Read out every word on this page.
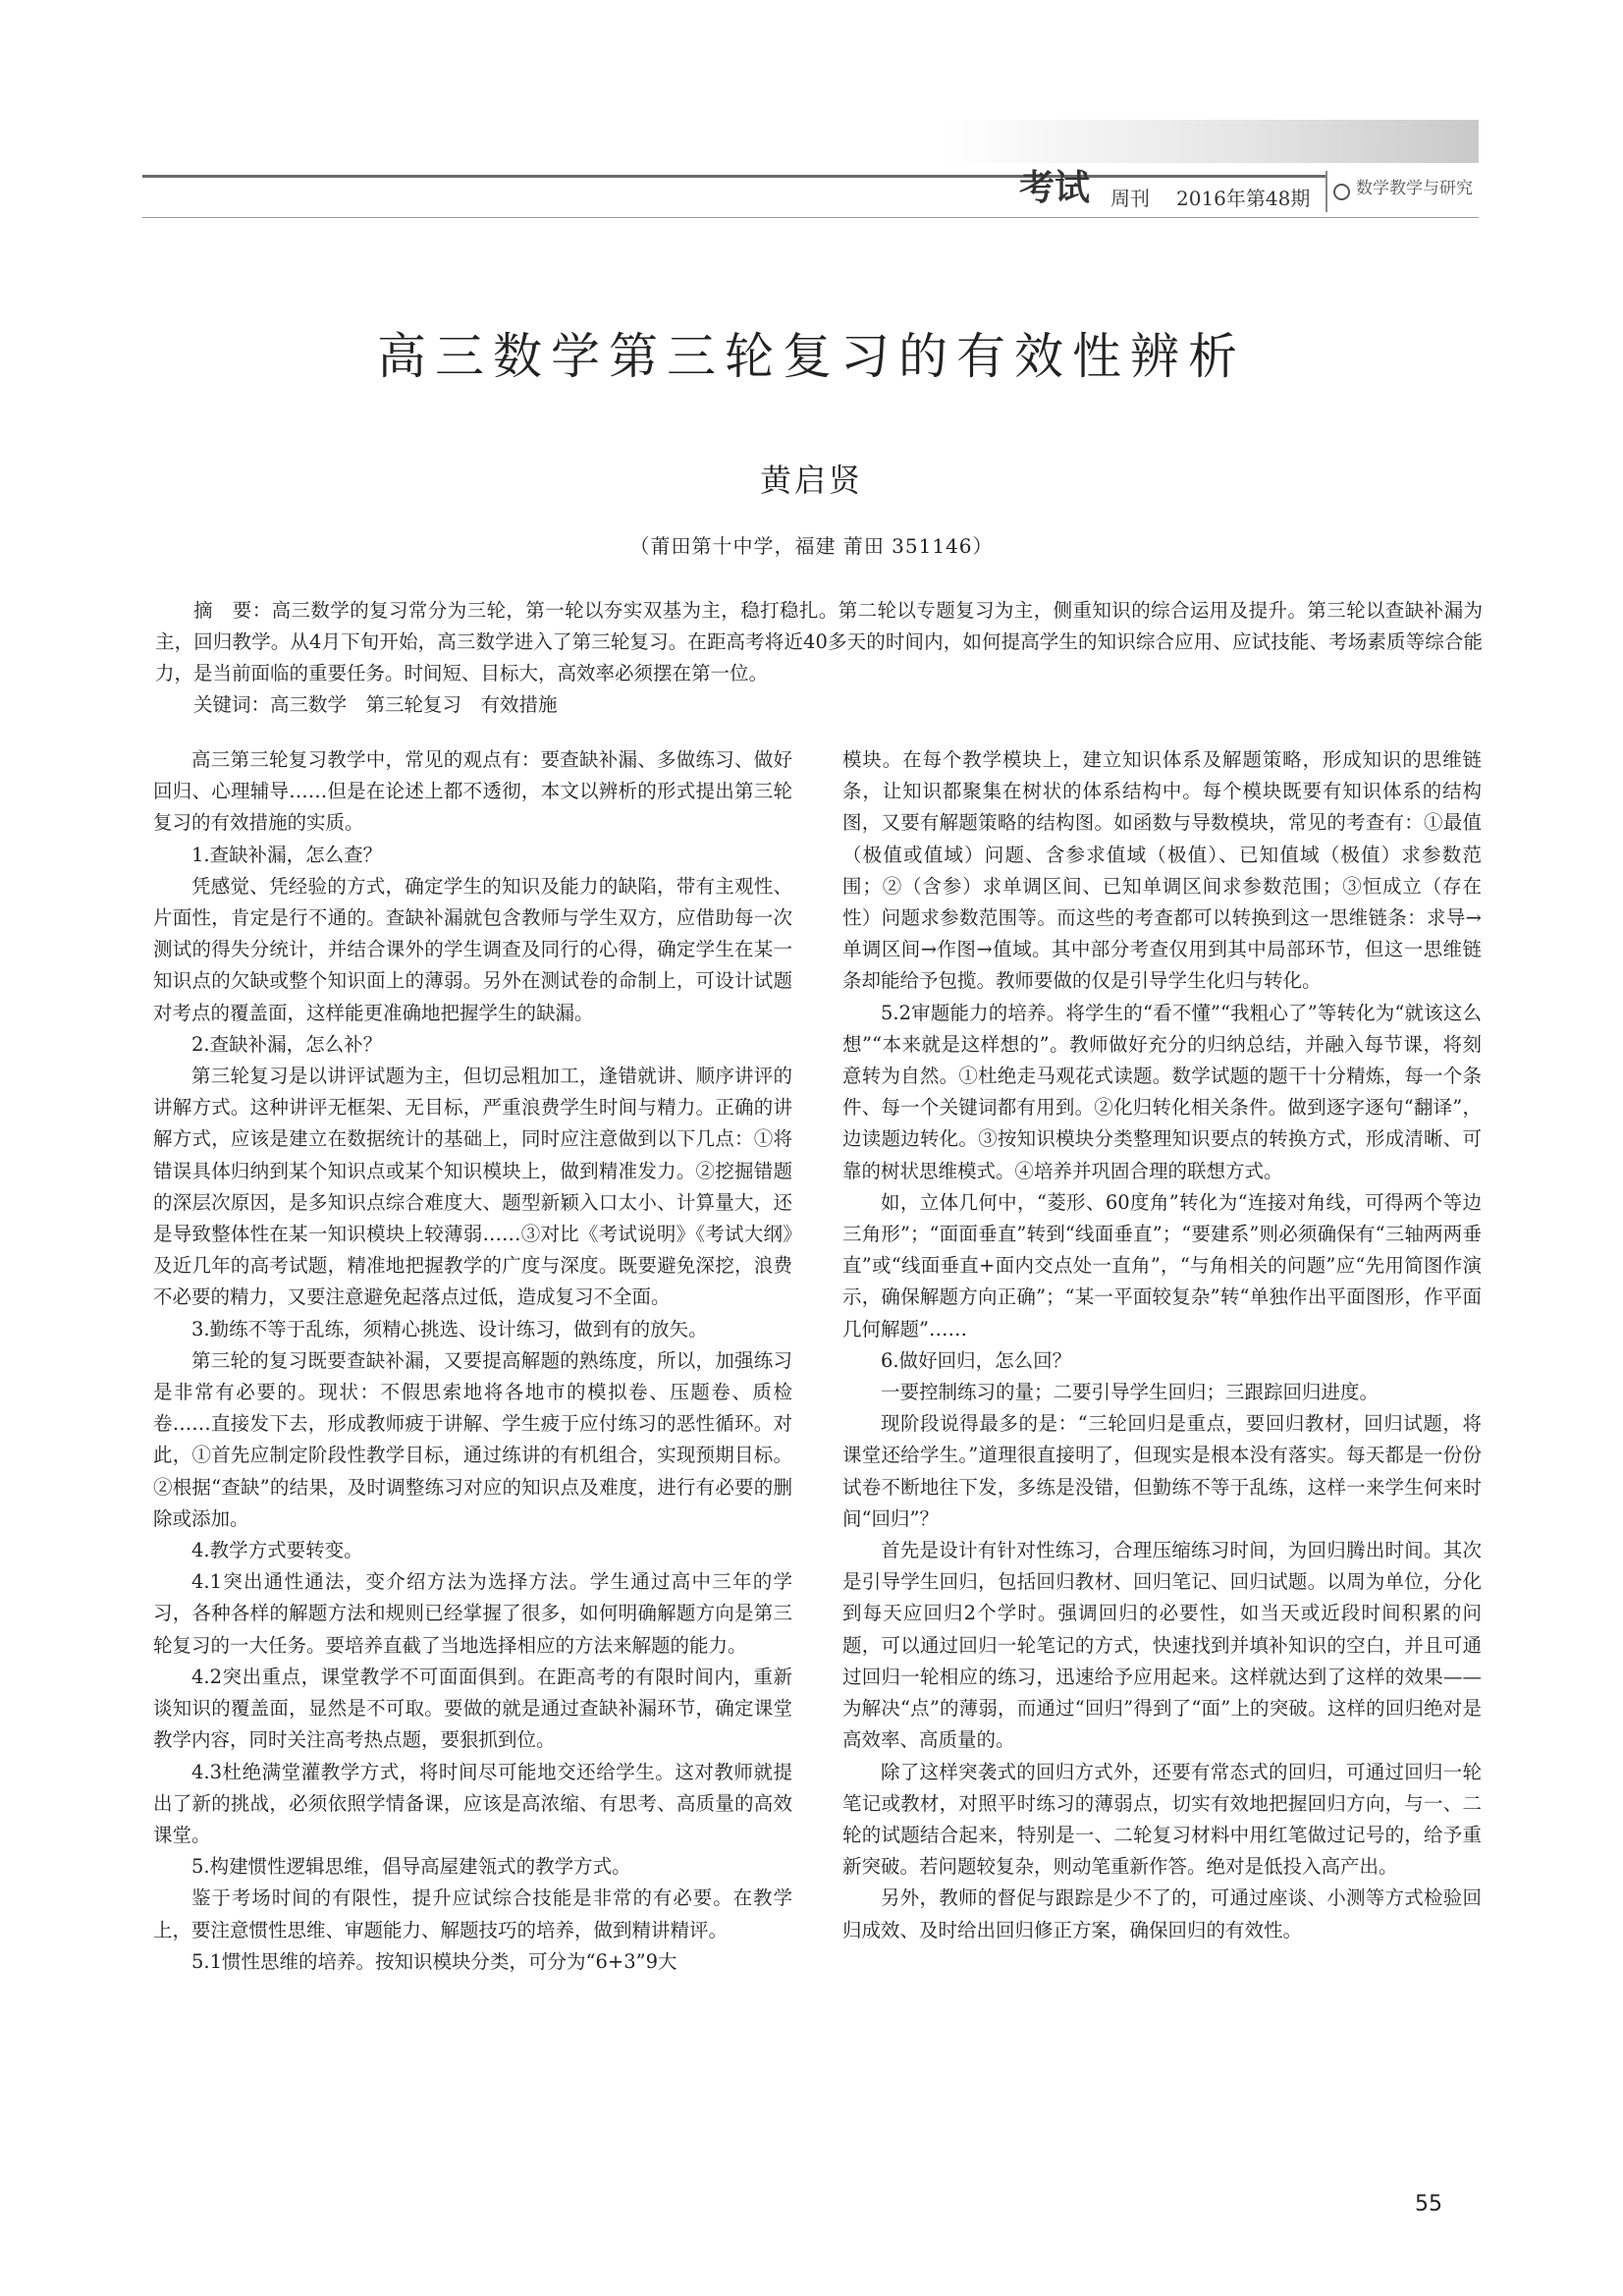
考试 周刊 2016年第48期	数学教学与研究
高三数学第三轮复习的有效性辨析
黄启贤
（莆田第十中学，福建 莆田 351146）

摘　要：高三数学的复习常分为三轮，第一轮以夯实双基为主，稳打稳扎。第二轮以专题复习为主，侧重知识的综合运用及提升。第三轮以查缺补漏为主，回归教学。从4月下旬开始，高三数学进入了第三轮复习。在距高考将近40多天的时间内，如何提高学生的知识综合应用、应试技能、考场素质等综合能力，是当前面临的重要任务。时间短、目标大，高效率必须摆在第一位。

关键词：高三数学　第三轮复习　有效措施

高三第三轮复习教学中，常见的观点有：要查缺补漏、多做练习、做好回归、心理辅导……但是在论述上都不透彻，本文以辨析的形式提出第三轮复习的有效措施的实质。

1.查缺补漏，怎么查？

凭感觉、凭经验的方式，确定学生的知识及能力的缺陷，带有主观性、片面性，肯定是行不通的。查缺补漏就包含教师与学生双方，应借助每一次测试的得失分统计，并结合课外的学生调查及同行的心得，确定学生在某一知识点的欠缺或整个知识面上的薄弱。另外在测试卷的命制上，可设计试题对考点的覆盖面，这样能更准确地把握学生的缺漏。

2.查缺补漏，怎么补？

第三轮复习是以讲评试题为主，但切忌粗加工，逢错就讲、顺序讲评的讲解方式。这种讲评无框架、无目标，严重浪费学生时间与精力。正确的讲解方式，应该是建立在数据统计的基础上，同时应注意做到以下几点：①将错误具体归纳到某个知识点或某个知识模块上，做到精准发力。②挖掘错题的深层次原因，是多知识点综合难度大、题型新颖入口太小、计算量大，还是导致整体性在某一知识模块上较薄弱……③对比《考试说明》《考试大纲》及近几年的高考试题，精准地把握教学的广度与深度。既要避免深挖，浪费不必要的精力，又要注意避免起落点过低，造成复习不全面。

3.勤练不等于乱练，须精心挑选、设计练习，做到有的放矢。

第三轮的复习既要查缺补漏，又要提高解题的熟练度，所以，加强练习是非常有必要的。现状：不假思索地将各地市的模拟卷、压题卷、质检卷……直接发下去，形成教师疲于讲解、学生疲于应付练习的恶性循环。对此，①首先应制定阶段性教学目标，通过练讲的有机组合，实现预期目标。②根据“查缺”的结果，及时调整练习对应的知识点及难度，进行有必要的删除或添加。

4.教学方式要转变。

4.1突出通性通法，变介绍方法为选择方法。学生通过高中三年的学习，各种各样的解题方法和规则已经掌握了很多，如何明确解题方向是第三轮复习的一大任务。要培养直截了当地选择相应的方法来解题的能力。

4.2突出重点，课堂教学不可面面俱到。在距高考的有限时间内，重新谈知识的覆盖面，显然是不可取。要做的就是通过查缺补漏环节，确定课堂教学内容，同时关注高考热点题，要狠抓到位。

4.3杜绝满堂灌教学方式，将时间尽可能地交还给学生。这对教师就提出了新的挑战，必须依照学情备课，应该是高浓缩、有思考、高质量的高效课堂。

5.构建惯性逻辑思维，倡导高屋建瓴式的教学方式。

鉴于考场时间的有限性，提升应试综合技能是非常的有必要。在教学上，要注意惯性思维、审题能力、解题技巧的培养，做到精讲精评。

5.1惯性思维的培养。按知识模块分类，可分为“6+3”9大

模块。在每个教学模块上，建立知识体系及解题策略，形成知识的思维链条，让知识都聚集在树状的体系结构中。每个模块既要有知识体系的结构图，又要有解题策略的结构图。如函数与导数模块，常见的考查有：①最值（极值或值域）问题、含参求值域（极值）、已知值域（极值）求参数范围；②（含参）求单调区间、已知单调区间求参数范围；③恒成立（存在性）问题求参数范围等。而这些的考查都可以转换到这一思维链条：求导→单调区间→作图→值域。其中部分考查仅用到其中局部环节，但这一思维链条却能给予包揽。教师要做的仅是引导学生化归与转化。

5.2审题能力的培养。将学生的“看不懂”“我粗心了”等转化为“就该这么想”“本来就是这样想的”。教师做好充分的归纳总结，并融入每节课，将刻意转为自然。①杜绝走马观花式读题。数学试题的题干十分精炼，每一个条件、每一个关键词都有用到。②化归转化相关条件。做到逐字逐句“翻译”，边读题边转化。③按知识模块分类整理知识要点的转换方式，形成清晰、可靠的树状思维模式。④培养并巩固合理的联想方式。

如，立体几何中，“菱形、60度角”转化为“连接对角线，可得两个等边三角形”；“面面垂直”转到“线面垂直”；“要建系”则必须确保有“三轴两两垂直”或“线面垂直+面内交点处一直角”，“与角相关的问题”应“先用简图作演示，确保解题方向正确”；“某一平面较复杂”转“单独作出平面图形，作平面几何解题”……

6.做好回归，怎么回？

一要控制练习的量；二要引导学生回归；三跟踪回归进度。

现阶段说得最多的是：“三轮回归是重点，要回归教材，回归试题，将课堂还给学生。”道理很直接明了，但现实是根本没有落实。每天都是一份份试卷不断地往下发，多练是没错，但勤练不等于乱练，这样一来学生何来时间“回归”？

首先是设计有针对性练习，合理压缩练习时间，为回归腾出时间。其次是引导学生回归，包括回归教材、回归笔记、回归试题。以周为单位，分化到每天应回归2个学时。强调回归的必要性，如当天或近段时间积累的问题，可以通过回归一轮笔记的方式，快速找到并填补知识的空白，并且可通过回归一轮相应的练习，迅速给予应用起来。这样就达到了这样的效果——为解决“点”的薄弱，而通过“回归”得到了“面”上的突破。这样的回归绝对是高效率、高质量的。

除了这样突袭式的回归方式外，还要有常态式的回归，可通过回归一轮笔记或教材，对照平时练习的薄弱点，切实有效地把握回归方向，与一、二轮的试题结合起来，特别是一、二轮复习材料中用红笔做过记号的，给予重新突破。若问题较复杂，则动笔重新作答。绝对是低投入高产出。

另外，教师的督促与跟踪是少不了的，可通过座谈、小测等方式检验回归成效、及时给出回归修正方案，确保回归的有效性。

55
